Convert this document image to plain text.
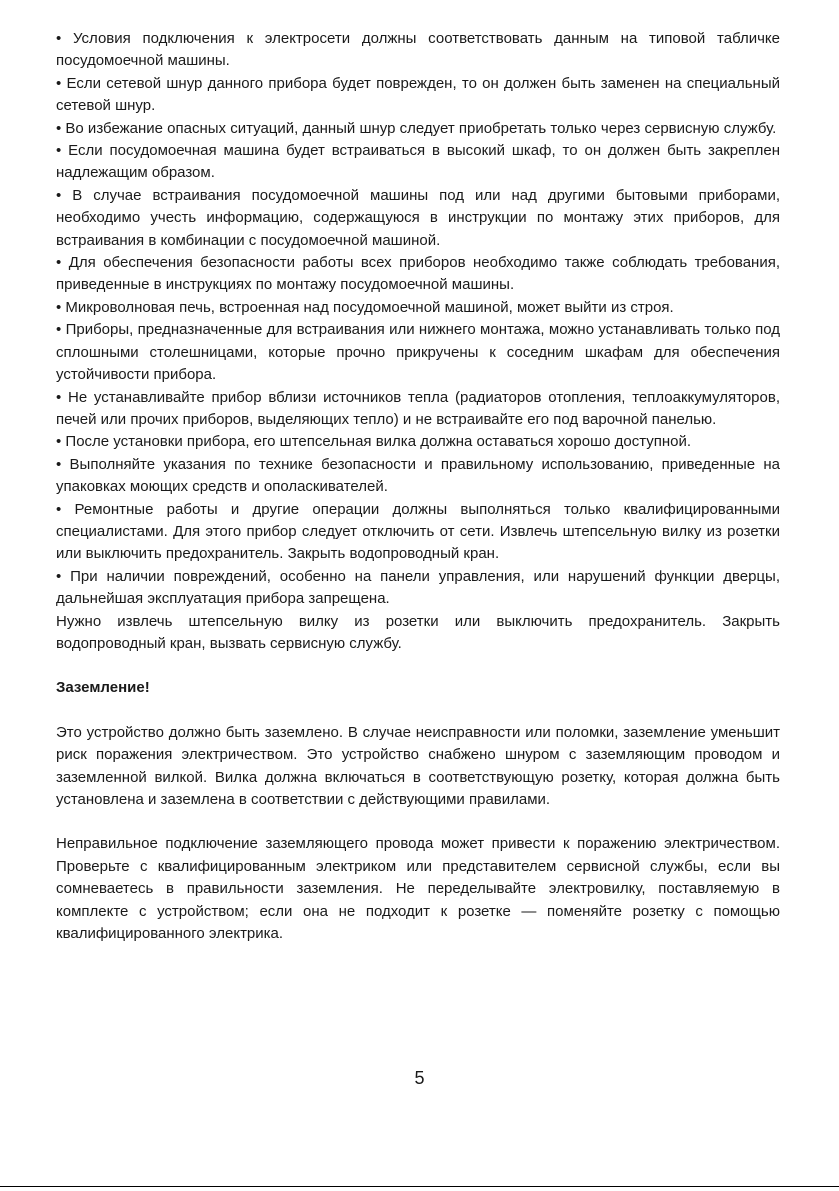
• Условия подключения к электросети должны соответствовать данным на типовой табличке посудомоечной машины.

• Если сетевой шнур данного прибора будет поврежден, то он должен быть заменен на специальный сетевой шнур.

• Во избежание опасных ситуаций, данный шнур следует приобретать только через сервисную службу.

• Если посудомоечная машина будет встраиваться в высокий шкаф, то он должен быть закреплен надлежащим образом.

• В случае встраивания посудомоечной машины под или над другими бытовыми приборами, необходимо учесть информацию, содержащуюся в инструкции по монтажу этих приборов, для встраивания в комбинации с посудомоечной машиной.

• Для обеспечения безопасности работы всех приборов необходимо также соблюдать требования, приведенные в инструкциях по монтажу посудомоечной машины.

• Микроволновая печь, встроенная над посудомоечной машиной, может выйти из строя.

• Приборы, предназначенные для встраивания или нижнего монтажа, можно устанавливать только под сплошными столешницами, которые прочно прикручены к соседним шкафам для обеспечения устойчивости прибора.

• Не устанавливайте прибор вблизи источников тепла (радиаторов отопления, теплоаккумуляторов, печей или прочих приборов, выделяющих тепло) и не встраивайте его под варочной панелью.

• После установки прибора, его штепсельная вилка должна оставаться хорошо доступной.

• Выполняйте указания по технике безопасности и правильному использованию, приведенные на упаковках моющих средств и ополаскивателей.

• Ремонтные работы и другие операции должны выполняться только квалифицированными специалистами. Для этого прибор следует отключить от сети. Извлечь штепсельную вилку из розетки или выключить предохранитель. Закрыть водопроводный кран.

• При наличии повреждений, особенно на панели управления, или нарушений функции дверцы, дальнейшая эксплуатация прибора запрещена.

Нужно извлечь штепсельную вилку из розетки или выключить предохранитель. Закрыть водопроводный кран, вызвать сервисную службу.

Заземление!

Это устройство должно быть заземлено. В случае неисправности или поломки, заземление уменьшит риск поражения электричеством. Это устройство снабжено шнуром с заземляющим проводом и заземленной вилкой. Вилка должна включаться в соответствующую розетку, которая должна быть установлена и заземлена в соответствии с действующими правилами.

Неправильное подключение заземляющего провода может привести к поражению электричеством. Проверьте с квалифицированным электриком или представителем сервисной службы, если вы сомневаетесь в правильности заземления. Не переделывайте электровилку, поставляемую в комплекте с устройством; если она не подходит к розетке — поменяйте розетку с помощью квалифицированного электрика.

5
